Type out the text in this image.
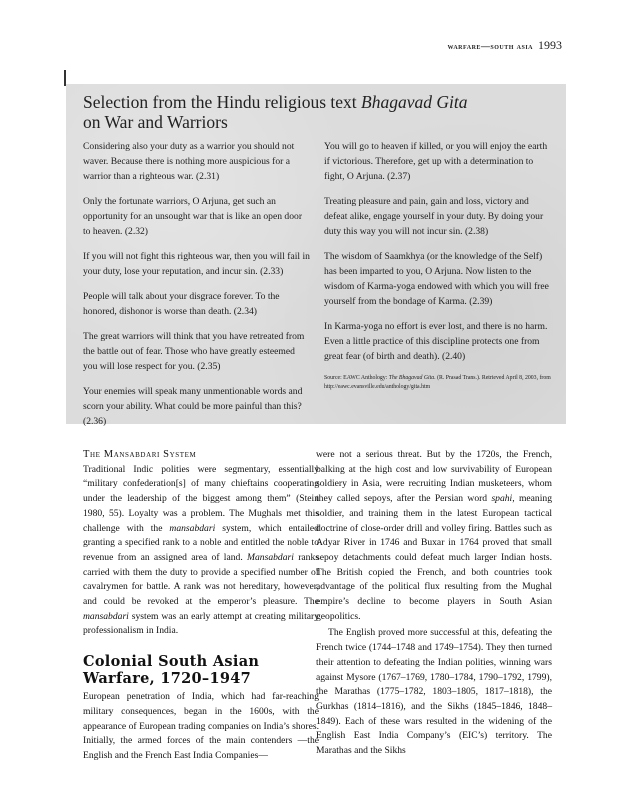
warfare—south asia 1993
Selection from the Hindu religious text Bhagavad Gita
on War and Warriors

Considering also your duty as a warrior you should not waver. Because there is nothing more auspicious for a warrior than a righteous war. (2.31)

Only the fortunate warriors, O Arjuna, get such an opportunity for an unsought war that is like an open door to heaven. (2.32)

If you will not fight this righteous war, then you will fail in your duty, lose your reputation, and incur sin. (2.33)

People will talk about your disgrace forever. To the honored, dishonor is worse than death. (2.34)

The great warriors will think that you have retreated from the battle out of fear. Those who have greatly esteemed you will lose respect for you. (2.35)

Your enemies will speak many unmentionable words and scorn your ability. What could be more painful than this? (2.36)

You will go to heaven if killed, or you will enjoy the earth if victorious. Therefore, get up with a determination to fight, O Arjuna. (2.37)

Treating pleasure and pain, gain and loss, victory and defeat alike, engage yourself in your duty. By doing your duty this way you will not incur sin. (2.38)

The wisdom of Saamkhya (or the knowledge of the Self) has been imparted to you, O Arjuna. Now listen to the wisdom of Karma-yoga endowed with which you will free yourself from the bondage of Karma. (2.39)

In Karma-yoga no effort is ever lost, and there is no harm. Even a little practice of this discipline protects one from great fear (of birth and death). (2.40)

Source: EAWC Anthology: The Bhagavad Gita. (R. Prasad Trans.). Retrieved April 8, 2003, from http://eawc.evansville.edu/anthology/gita.htm

The Mansabdari System

Traditional Indic polities were segmentary, essentially “military confederation[s] of many chieftains cooperating under the leadership of the biggest among them” (Stein 1980, 55). Loyalty was a problem. The Mughals met this challenge with the mansabdari system, which entailed granting a specified rank to a noble and entitled the noble to revenue from an assigned area of land. Mansabdari ranks carried with them the duty to provide a specified number of cavalrymen for battle. A rank was not hereditary, however, and could be revoked at the emperor’s pleasure. The mansabdari system was an early attempt at creating military professionalism in India.

Colonial South Asian
Warfare, 1720–1947

European penetration of India, which had far-reaching military consequences, began in the 1600s, with the appearance of European trading companies on India’s shores. Initially, the armed forces of the main contenders —the English and the French East India Companies—

were not a serious threat. But by the 1720s, the French, balking at the high cost and low survivability of European soldiery in Asia, were recruiting Indian musketeers, whom they called sepoys, after the Persian word spahi, meaning soldier, and training them in the latest European tactical doctrine of close-order drill and volley firing. Battles such as Adyar River in 1746 and Buxar in 1764 proved that small sepoy detachments could defeat much larger Indian hosts. The British copied the French, and both countries took advantage of the political flux resulting from the Mughal empire’s decline to become players in South Asian geopolitics.

The English proved more successful at this, defeating the French twice (1744–1748 and 1749–1754). They then turned their attention to defeating the Indian polities, winning wars against Mysore (1767–1769, 1780–1784, 1790–1792, 1799), the Marathas (1775–1782, 1803–1805, 1817–1818), the Gurkhas (1814–1816), and the Sikhs (1845–1846, 1848–1849). Each of these wars resulted in the widening of the English East India Company’s (EIC’s) territory. The Marathas and the Sikhs
